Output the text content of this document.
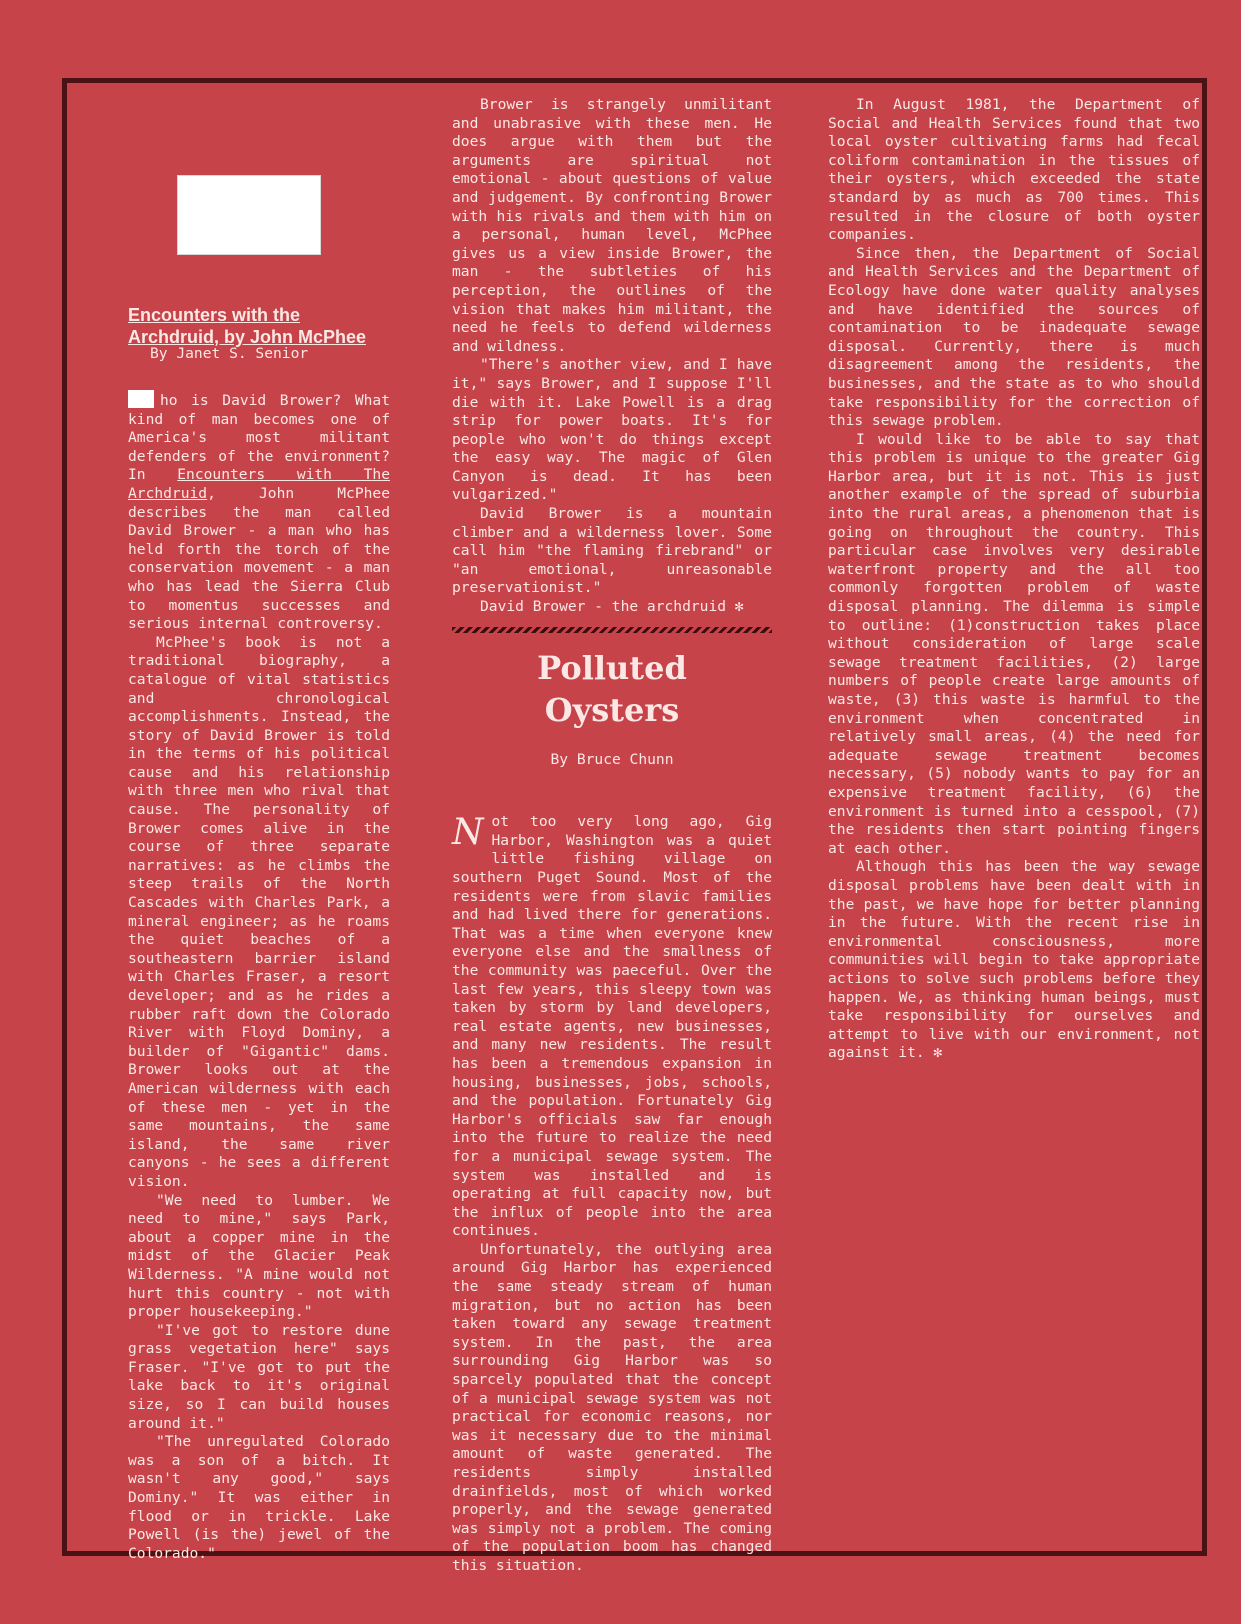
Encounters with the
Archdruid, by John McPhee
By Janet S. Senior

ho is David Brower? What kind of man becomes one of America's most militant defenders of the environment? In Encounters with The Archdruid, John McPhee describes the man called David Brower - a man who has held forth the torch of the conservation movement - a man who has lead the Sierra Club to momentus successes and serious internal controversy.

McPhee's book is not a traditional biography, a catalogue of vital statistics and chronological accomplishments. Instead, the story of David Brower is told in the terms of his political cause and his relationship with three men who rival that cause. The personality of Brower comes alive in the course of three separate narratives: as he climbs the steep trails of the North Cascades with Charles Park, a mineral engineer; as he roams the quiet beaches of a southeastern barrier island with Charles Fraser, a resort developer; and as he rides a rubber raft down the Colorado River with Floyd Dominy, a builder of "Gigantic" dams. Brower looks out at the American wilderness with each of these men - yet in the same mountains, the same island, the same river canyons - he sees a different vision.

"We need to lumber. We need to mine," says Park, about a copper mine in the midst of the Glacier Peak Wilderness. "A mine would not hurt this country - not with proper housekeeping."

"I've got to restore dune grass vegetation here" says Fraser. "I've got to put the lake back to it's original size, so I can build houses around it."

"The unregulated Colorado was a son of a bitch. It wasn't any good," says Dominy." It was either in flood or in trickle. Lake Powell (is the) jewel of the Colorado."

Brower is strangely unmilitant and unabrasive with these men. He does argue with them but the arguments are spiritual not emotional - about questions of value and judgement. By confronting Brower with his rivals and them with him on a personal, human level, McPhee gives us a view inside Brower, the man - the subtleties of his perception, the outlines of the vision that makes him militant, the need he feels to defend wilderness and wildness.

"There's another view, and I have it," says Brower, and I suppose I'll die with it. Lake Powell is a drag strip for power boats. It's for people who won't do things except the easy way. The magic of Glen Canyon is dead. It has been vulgarized."

David Brower is a mountain climber and a wilderness lover. Some call him "the flaming firebrand" or "an emotional, unreasonable preservationist."

David Brower - the archdruid ✻

Polluted
Oysters
By Bruce Chunn

Not too very long ago, Gig Harbor, Washington was a quiet little fishing village on southern Puget Sound. Most of the residents were from slavic families and had lived there for generations. That was a time when everyone knew everyone else and the smallness of the community was paeceful. Over the last few years, this sleepy town was taken by storm by land developers, real estate agents, new businesses, and many new residents. The result has been a tremendous expansion in housing, businesses, jobs, schools, and the population. Fortunately Gig Harbor's officials saw far enough into the future to realize the need for a municipal sewage system. The system was installed and is operating at full capacity now, but the influx of people into the area continues.

Unfortunately, the outlying area around Gig Harbor has experienced the same steady stream of human migration, but no action has been taken toward any sewage treatment system. In the past, the area surrounding Gig Harbor was so sparcely populated that the concept of a municipal sewage system was not practical for economic reasons, nor was it necessary due to the minimal amount of waste generated. The residents simply installed drainfields, most of which worked properly, and the sewage generated was simply not a problem. The coming of the population boom has changed this situation.

In August 1981, the Department of Social and Health Services found that two local oyster cultivating farms had fecal coliform contamination in the tissues of their oysters, which exceeded the state standard by as much as 700 times. This resulted in the closure of both oyster companies.

Since then, the Department of Social and Health Services and the Department of Ecology have done water quality analyses and have identified the sources of contamination to be inadequate sewage disposal. Currently, there is much disagreement among the residents, the businesses, and the state as to who should take responsibility for the correction of this sewage problem.

I would like to be able to say that this problem is unique to the greater Gig Harbor area, but it is not. This is just another example of the spread of suburbia into the rural areas, a phenomenon that is going on throughout the country. This particular case involves very desirable waterfront property and the all too commonly forgotten problem of waste disposal planning. The dilemma is simple to outline: (1)construction takes place without consideration of large scale sewage treatment facilities, (2) large numbers of people create large amounts of waste, (3) this waste is harmful to the environment when concentrated in relatively small areas, (4) the need for adequate sewage treatment becomes necessary, (5) nobody wants to pay for an expensive treatment facility, (6) the environment is turned into a cesspool, (7) the residents then start pointing fingers at each other.

Although this has been the way sewage disposal problems have been dealt with in the past, we have hope for better planning in the future. With the recent rise in environmental consciousness, more communities will begin to take appropriate actions to solve such problems before they happen. We, as thinking human beings, must take responsibility for ourselves and attempt to live with our environment, not against it. ✻
